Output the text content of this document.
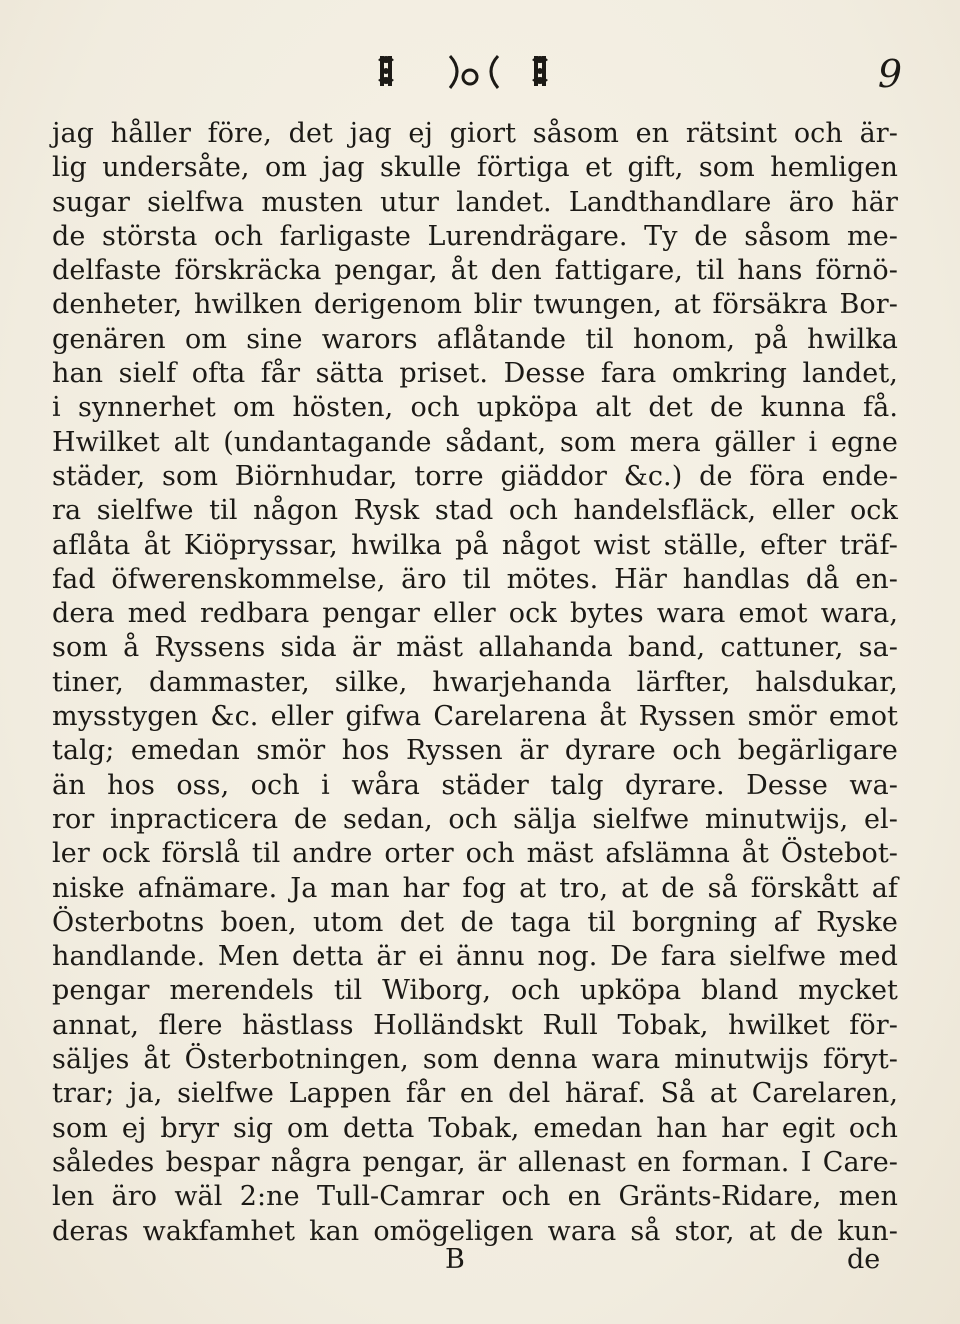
9
jag håller före, det jag ej giort såsom en rätsint och är-
lig undersåte, om jag skulle förtiga et gift, som hemligen
sugar sielfwa musten utur landet. Landthandlare äro här
de största och farligaste Lurendrägare. Ty de såsom me-
delfaste förskräcka pengar, åt den fattigare, til hans förnö-
denheter, hwilken derigenom blir twungen, at försäkra Bor-
genären om sine warors aflåtande til honom, på hwilka
han sielf ofta får sätta priset. Desse fara omkring landet,
i synnerhet om hösten, och upköpa alt det de kunna få.
Hwilket alt (undantagande sådant, som mera gäller i egne
städer, som Biörnhudar, torre giäddor &c.) de föra ende-
ra sielfwe til någon Rysk stad och handelsfläck, eller ock
aflåta åt Kiöpryssar, hwilka på något wist ställe, efter träf-
fad öfwerenskommelse, äro til mötes. Här handlas då en-
dera med redbara pengar eller ock bytes wara emot wara,
som å Ryssens sida är mäst allahanda band, cattuner, sa-
tiner, dammaster, silke, hwarjehanda lärfter, halsdukar,
mysstygen &c. eller gifwa Carelarena åt Ryssen smör emot
talg; emedan smör hos Ryssen är dyrare och begärligare
än hos oss, och i wåra städer talg dyrare. Desse wa-
ror inpracticera de sedan, och sälja sielfwe minutwijs, el-
ler ock förslå til andre orter och mäst afslämna åt Östebot-
niske afnämare. Ja man har fog at tro, at de så förskått af
Österbotns boen, utom det de taga til borgning af Ryske
handlande. Men detta är ei ännu nog. De fara sielfwe med
pengar merendels til Wiborg, och upköpa bland mycket
annat, flere hästlass Holländskt Rull Tobak, hwilket för-
säljes åt Österbotningen, som denna wara minutwijs föryt-
trar; ja, sielfwe Lappen får en del häraf. Så at Carelaren,
som ej bryr sig om detta Tobak, emedan han har egit och
således bespar några pengar, är allenast en forman. I Care-
len äro wäl 2:ne Tull-Camrar och en Gränts-Ridare, men
deras wakfamhet kan omögeligen wara så stor, at de kun-
B	de
